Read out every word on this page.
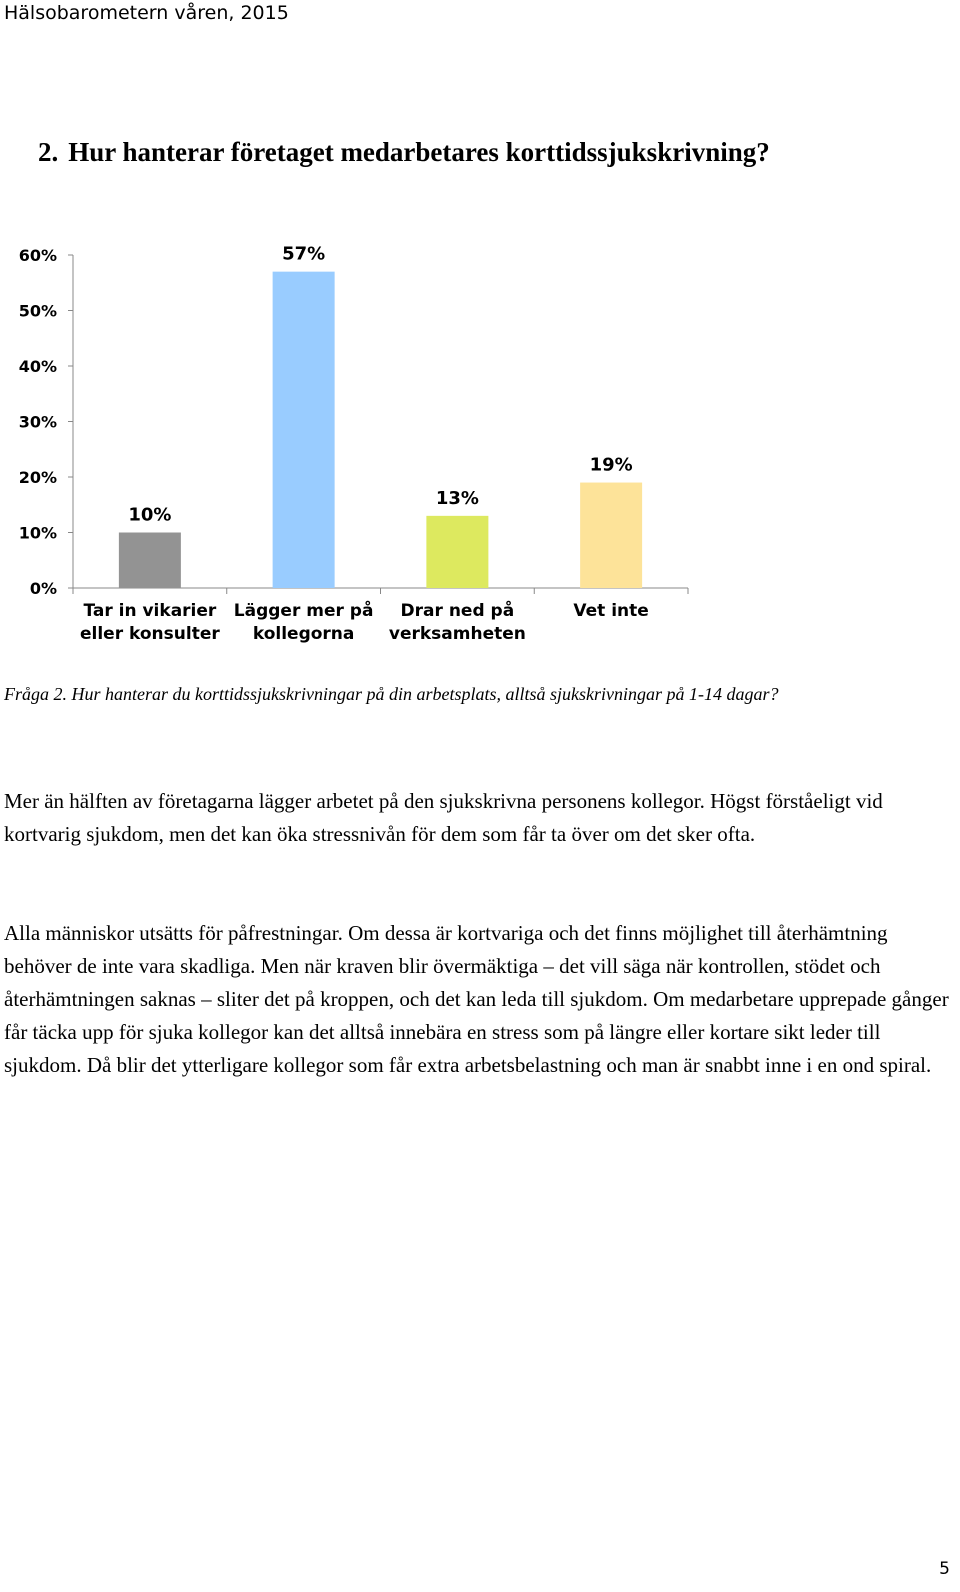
Hälsobarometern våren, 2015
2. Hur hanterar företaget medarbetares korttidssjukskrivning?
0%
10%
20%
30%
40%
50%
60%
10%
Tar in vikarier
eller konsulter
57%
Lägger mer på
kollegorna
13%
Drar ned på
verksamheten
19%
Vet inte
Fråga 2. Hur hanterar du korttidssjukskrivningar på din arbetsplats, alltså sjukskrivningar på 1-14 dagar?
Mer än hälften av företagarna lägger arbetet på den sjukskrivna personens kollegor. Högst förståeligt vid kortvarig sjukdom, men det kan öka stressnivån för dem som får ta över om det sker ofta.
Alla människor utsätts för påfrestningar. Om dessa är kortvariga och det finns möjlighet till återhämtning behöver de inte vara skadliga. Men när kraven blir övermäktiga – det vill säga när kontrollen, stödet och återhämtningen saknas – sliter det på kroppen, och det kan leda till sjukdom. Om medarbetare upprepade gånger får täcka upp för sjuka kollegor kan det alltså innebära en stress som på längre eller kortare sikt leder till sjukdom. Då blir det ytterligare kollegor som får extra arbetsbelastning och man är snabbt inne i en ond spiral.
5
